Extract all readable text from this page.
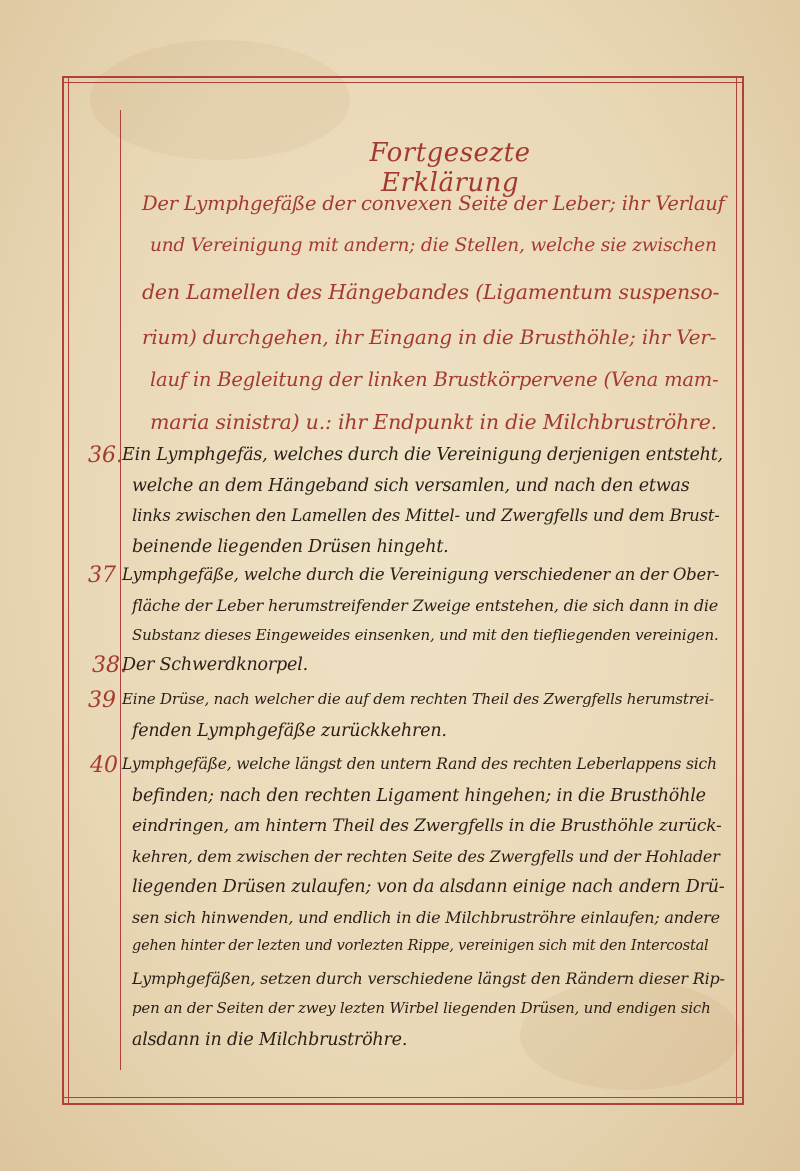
Fortgesezte Erklärung
Der Lymphgefäße der convexen Seite der Leber; ihr Verlauf
und Vereinigung mit andern; die Stellen, welche sie zwischen
den Lamellen des Hängebandes (Ligamentum suspenso-
rium) durchgehen, ihr Eingang in die Brusthöhle; ihr Ver-
lauf in Begleitung der linken Brustkörpervene (Vena mam-
maria sinistra) u.: ihr Endpunkt in die Milchbruströhre.
36. Ein Lymphgefäs, welches durch die Vereinigung derjenigen entsteht,
welche an dem Hängeband sich versamlen, und nach den etwas
links zwischen den Lamellen des Mittel- und Zwergfells und dem Brust-
beinende liegenden Drüsen hingeht.
37 Lymphgefäße, welche durch die Vereinigung verschiedener an der Ober-
fläche der Leber herumstreifender Zweige entstehen, die sich dann in die
Substanz dieses Eingeweides einsenken, und mit den tiefliegenden vereinigen.
38.
Der Schwerdknorpel.
39 Eine Drüse, nach welcher die auf dem rechten Theil des Zwergfells herumstrei-
fenden Lymphgefäße zurückkehren.
40 Lymphgefäße, welche längst den untern Rand des rechten Leberlappens sich
befinden; nach den rechten Ligament hingehen; in die Brusthöhle
eindringen, am hintern Theil des Zwergfells in die Brusthöhle zurück-
kehren, dem zwischen der rechten Seite des Zwergfells und der Hohlader
liegenden Drüsen zulaufen; von da alsdann einige nach andern Drü-
sen sich hinwenden, und endlich in die Milchbruströhre einlaufen; andere
gehen hinter der lezten und vorlezten Rippe, vereinigen sich mit den Intercostal
Lymphgefäßen, setzen durch verschiedene längst den Rändern dieser Rip-
pen an der Seiten der zwey lezten Wirbel liegenden Drüsen, und endigen sich
alsdann in die Milchbruströhre.
